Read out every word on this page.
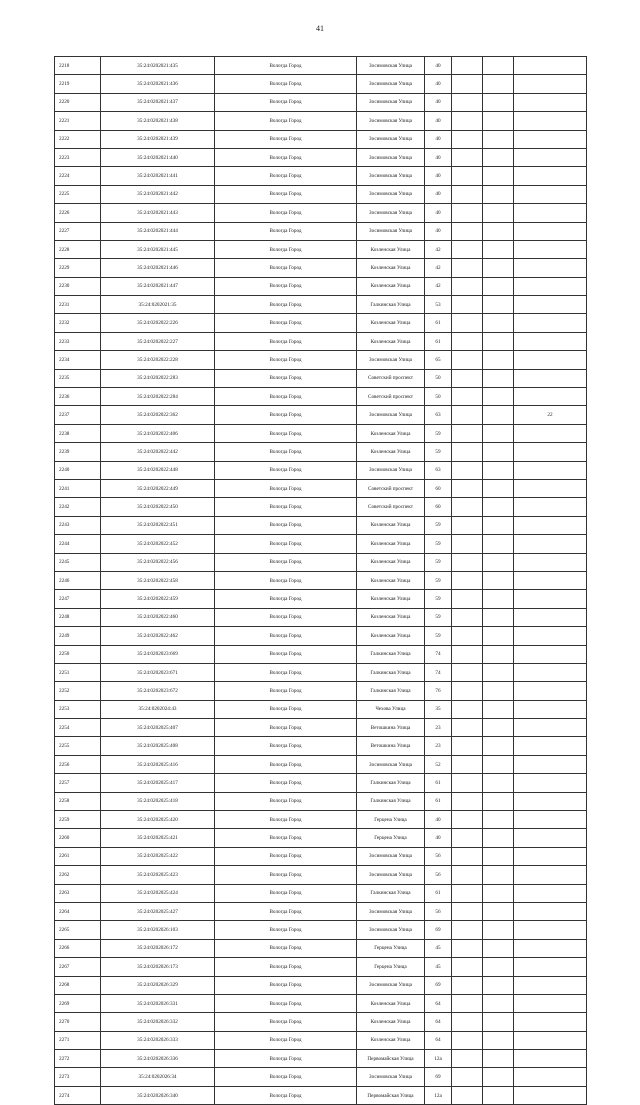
41
2218	35:24:0202021:435	Вологда Город	Зосимовская Улица	40			
2219	35:24:0202021:436	Вологда Город	Зосимовская Улица	40			
2220	35:24:0202021:437	Вологда Город	Зосимовская Улица	40			
2221	35:24:0202021:438	Вологда Город	Зосимовская Улица	40			
2222	35:24:0202021:439	Вологда Город	Зосимовская Улица	40			
2223	35:24:0202021:440	Вологда Город	Зосимовская Улица	40			
2224	35:24:0202021:441	Вологда Город	Зосимовская Улица	40			
2225	35:24:0202021:442	Вологда Город	Зосимовская Улица	40			
2226	35:24:0202021:443	Вологда Город	Зосимовская Улица	40			
2227	35:24:0202021:444	Вологда Город	Зосимовская Улица	40			
2228	35:24:0202021:445	Вологда Город	Козленская Улица	42			
2229	35:24:0202021:446	Вологда Город	Козленская Улица	42			
2230	35:24:0202021:447	Вологда Город	Козленская Улица	42			
2231	35:24:0202021:35	Вологда Город	Галкинская Улица	53			
2232	35:24:0202022:226	Вологда Город	Козленская Улица	61			
2233	35:24:0202022:227	Вологда Город	Козленская Улица	61			
2234	35:24:0202022:228	Вологда Город	Зосимовская Улица	65			
2235	35:24:0202022:283	Вологда Город	Советский проспект	50			
2236	35:24:0202022:284	Вологда Город	Советский проспект	50			
2237	35:24:0202022:362	Вологда Город	Зосимовская Улица	63			22
2238	35:24:0202022:406	Вологда Город	Козленская Улица	59			
2239	35:24:0202022:442	Вологда Город	Козленская Улица	59			
2240	35:24:0202022:448	Вологда Город	Зосимовская Улица	63			
2241	35:24:0202022:449	Вологда Город	Советский проспект	60			
2242	35:24:0202022:450	Вологда Город	Советский проспект	60			
2243	35:24:0202022:451	Вологда Город	Козленская Улица	59			
2244	35:24:0202022:452	Вологда Город	Козленская Улица	59			
2245	35:24:0202022:456	Вологда Город	Козленская Улица	59			
2246	35:24:0202022:458	Вологда Город	Козленская Улица	59			
2247	35:24:0202022:459	Вологда Город	Козленская Улица	59			
2248	35:24:0202022:460	Вологда Город	Козленская Улица	59			
2249	35:24:0202022:462	Вологда Город	Козленская Улица	59			
2250	35:24:0202023:669	Вологда Город	Галкинская Улица	74			
2251	35:24:0202023:671	Вологда Город	Галкинская Улица	74			
2252	35:24:0202023:672	Вологда Город	Галкинская Улица	76			
2253	35:24:0202024:43	Вологда Город	Чехова Улица	35			
2254	35:24:0202025:407	Вологда Город	Ветошкина Улица	23			
2255	35:24:0202025:408	Вологда Город	Ветошкина Улица	23			
2256	35:24:0202025:416	Вологда Город	Зосимовская Улица	52			
2257	35:24:0202025:417	Вологда Город	Галкинская Улица	61			
2258	35:24:0202025:418	Вологда Город	Галкинская Улица	61			
2259	35:24:0202025:420	Вологда Город	Герцена Улица	40			
2260	35:24:0202025:421	Вологда Город	Герцена Улица	40			
2261	35:24:0202025:422	Вологда Город	Зосимовская Улица	56			
2262	35:24:0202025:423	Вологда Город	Зосимовская Улица	56			
2263	35:24:0202025:424	Вологда Город	Галкинская Улица	61			
2264	35:24:0202025:427	Вологда Город	Зосимовская Улица	56			
2265	35:24:0202026:103	Вологда Город	Зосимовская Улица	69			
2266	35:24:0202026:172	Вологда Город	Герцена Улица	45			
2267	35:24:0202026:173	Вологда Город	Герцена Улица	45			
2268	35:24:0202026:329	Вологда Город	Зосимовская Улица	69			
2269	35:24:0202026:331	Вологда Город	Козленская Улица	64			
2270	35:24:0202026:332	Вологда Город	Козленская Улица	64			
2271	35:24:0202026:333	Вологда Город	Козленская Улица	64			
2272	35:24:0202026:336	Вологда Город	Первомайская Улица	12а			
2273	35:24:0202026:34	Вологда Город	Зосимовская Улица	69			
2274	35:24:0202026:340	Вологда Город	Первомайская Улица	12а			
